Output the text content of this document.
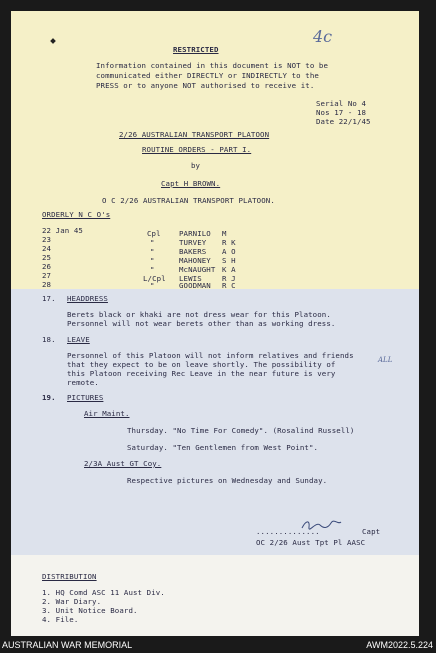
RESTRICTED
Information contained in this document is NOT to be
communicated either DIRECTLY or INDIRECTLY to the
PRESS or to anyone NOT authorised to receive it.
4c
Serial No 4
Nos 17 - 18
Date 22/1/45
2/26 AUSTRALIAN TRANSPORT PLATOON
ROUTINE ORDERS - PART I.
by
Capt H BROWN.
O C 2/26 AUSTRALIAN TRANSPORT PLATOON.
ORDERLY N C O's
22 Jan 45	Cpl PARNILO M
23	"	TURVEY R K
24	"	BAKERS A O
25	"	MAHONEY S H
26	"	McNAUGHT K A
27	L/Cpl LEWIS	R J
28	"	GOODMAN R C
17. HEADDRESS
Berets black or khaki are not dress wear for this Platoon.
Personnel will not wear berets other than as working dress.
18. LEAVE
Personnel of this Platoon will not inform relatives and friends
that they expect to be on leave shortly. The possibility of
this Platoon receiving Rec Leave in the near future is very
remote.
ALL
19. PICTURES
Air Maint.
Thursday. "No Time For Comedy". (Rosalind Russell)
Saturday. "Ten Gentlemen from West Point".
2/3A Aust GT Coy.
Respective pictures on Wednesday and Sunday.
..............	Capt
OC 2/26 Aust Tpt Pl AASC
DISTRIBUTION
1. HQ Comd ASC 11 Aust Div.
2. War Diary.
3. Unit Notice Board.
4. File.
AUSTRALIAN WAR MEMORIAL	AWM2022.5.224
